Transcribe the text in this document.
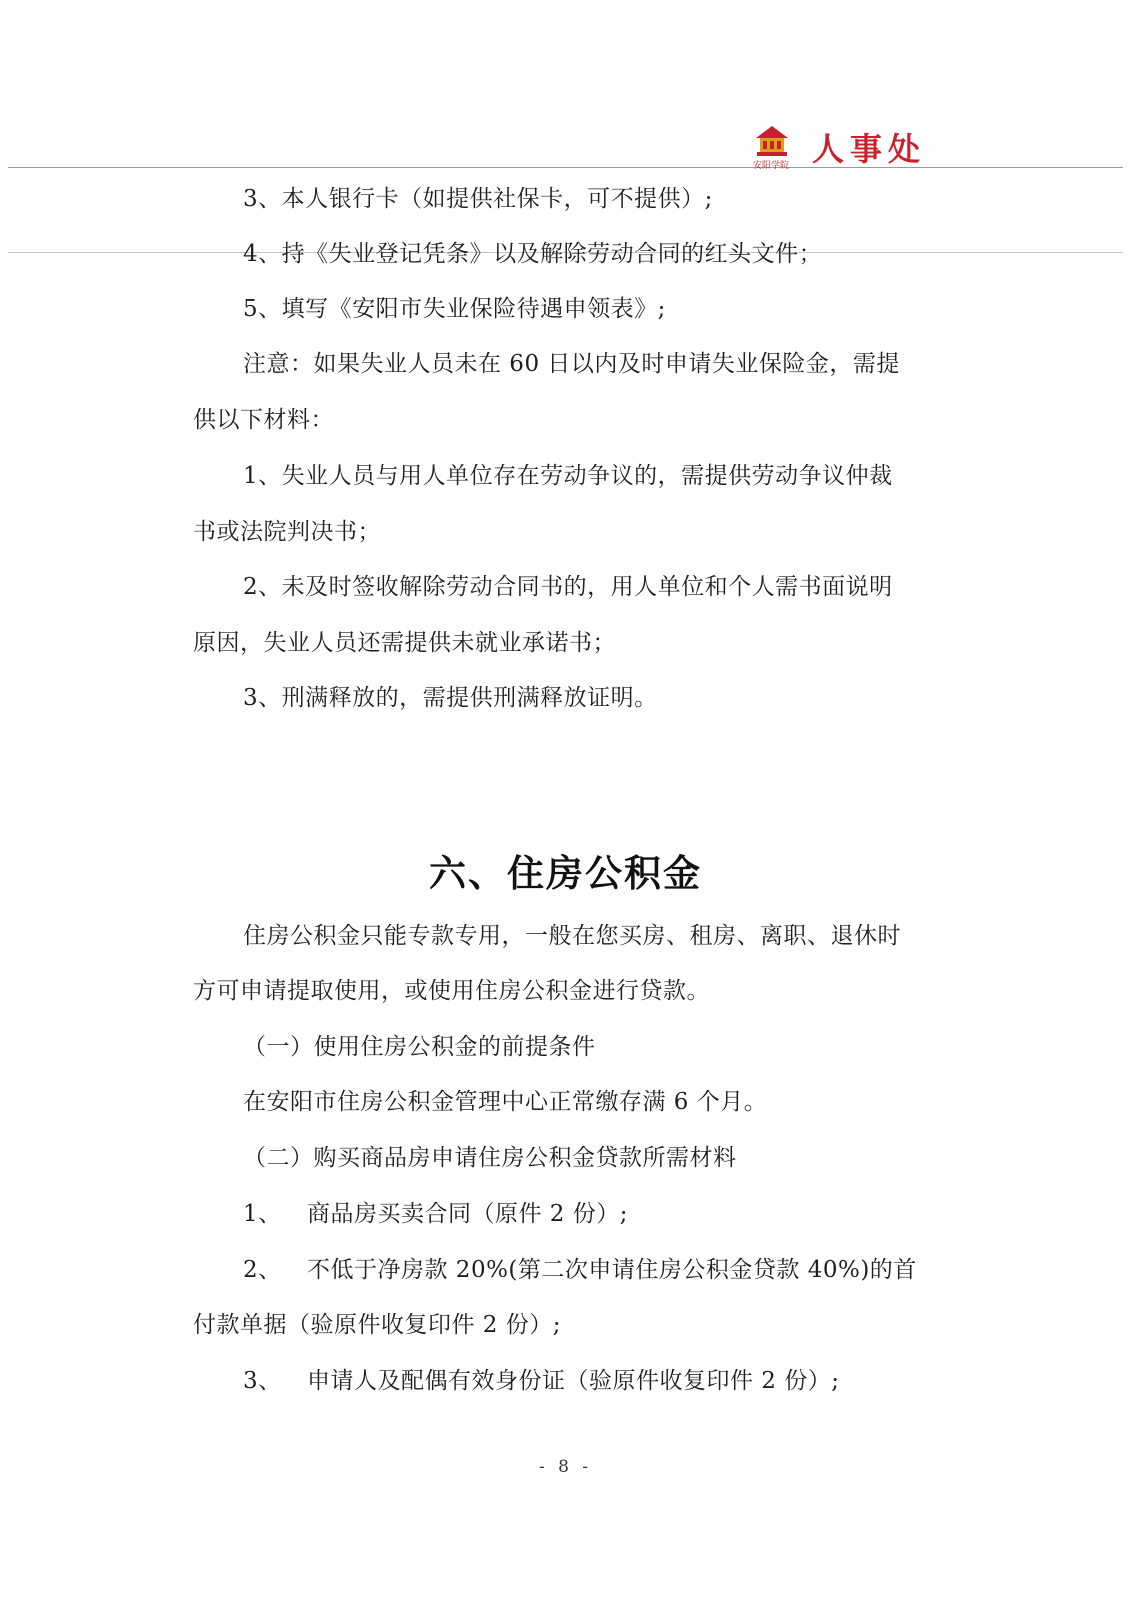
安阳学院 人事处
3、本人银行卡（如提供社保卡，可不提供）;
4、持《失业登记凭条》以及解除劳动合同的红头文件；
5、填写《安阳市失业保险待遇申领表》;
注意：如果失业人员未在 60 日以内及时申请失业保险金，需提
供以下材料：
1、失业人员与用人单位存在劳动争议的，需提供劳动争议仲裁
书或法院判决书；
2、未及时签收解除劳动合同书的，用人单位和个人需书面说明
原因，失业人员还需提供未就业承诺书；
3、刑满释放的，需提供刑满释放证明。
六、住房公积金
住房公积金只能专款专用，一般在您买房、租房、离职、退休时
方可申请提取使用，或使用住房公积金进行贷款。
（一）使用住房公积金的前提条件
在安阳市住房公积金管理中心正常缴存满 6 个月。
（二）购买商品房申请住房公积金贷款所需材料
1、 商品房买卖合同（原件 2 份）;
2、 不低于净房款 20%(第二次申请住房公积金贷款 40%)的首
付款单据（验原件收复印件 2 份）;
3、 申请人及配偶有效身份证（验原件收复印件 2 份）;
- 8 -
